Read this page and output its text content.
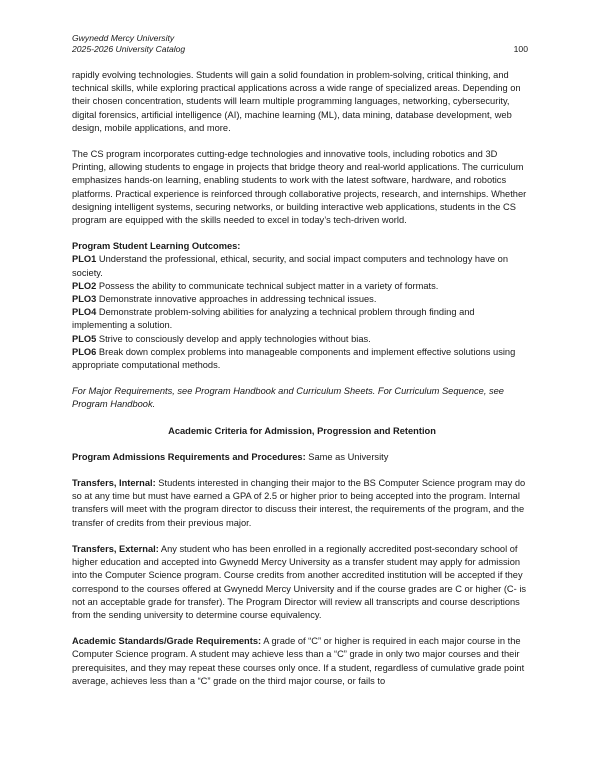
Gwynedd Mercy University
2025-2026 University Catalog	100

rapidly evolving technologies. Students will gain a solid foundation in problem-solving, critical thinking, and technical skills, while exploring practical applications across a wide range of specialized areas. Depending on their chosen concentration, students will learn multiple programming languages, networking, cybersecurity, digital forensics, artificial intelligence (AI), machine learning (ML), data mining, database development, web design, mobile applications, and more.

The CS program incorporates cutting-edge technologies and innovative tools, including robotics and 3D Printing, allowing students to engage in projects that bridge theory and real-world applications. The curriculum emphasizes hands-on learning, enabling students to work with the latest software, hardware, and robotics platforms. Practical experience is reinforced through collaborative projects, research, and internships. Whether designing intelligent systems, securing networks, or building interactive web applications, students in the CS program are equipped with the skills needed to excel in today’s tech-driven world.

Program Student Learning Outcomes:
PLO1 Understand the professional, ethical, security, and social impact computers and technology have on society.
PLO2 Possess the ability to communicate technical subject matter in a variety of formats.
PLO3 Demonstrate innovative approaches in addressing technical issues.
PLO4 Demonstrate problem-solving abilities for analyzing a technical problem through finding and implementing a solution.
PLO5 Strive to consciously develop and apply technologies without bias.
PLO6 Break down complex problems into manageable components and implement effective solutions using appropriate computational methods.

For Major Requirements, see Program Handbook and Curriculum Sheets. For Curriculum Sequence, see Program Handbook.

Academic Criteria for Admission, Progression and Retention

Program Admissions Requirements and Procedures: Same as University

Transfers, Internal: Students interested in changing their major to the BS Computer Science program may do so at any time but must have earned a GPA of 2.5 or higher prior to being accepted into the program. Internal transfers will meet with the program director to discuss their interest, the requirements of the program, and the transfer of credits from their previous major.

Transfers, External: Any student who has been enrolled in a regionally accredited post-secondary school of higher education and accepted into Gwynedd Mercy University as a transfer student may apply for admission into the Computer Science program. Course credits from another accredited institution will be accepted if they correspond to the courses offered at Gwynedd Mercy University and if the course grades are C or higher (C- is not an acceptable grade for transfer). The Program Director will review all transcripts and course descriptions from the sending university to determine course equivalency.

Academic Standards/Grade Requirements: A grade of “C” or higher is required in each major course in the Computer Science program. A student may achieve less than a “C” grade in only two major courses and their prerequisites, and they may repeat these courses only once. If a student, regardless of cumulative grade point average, achieves less than a “C” grade on the third major course, or fails to
